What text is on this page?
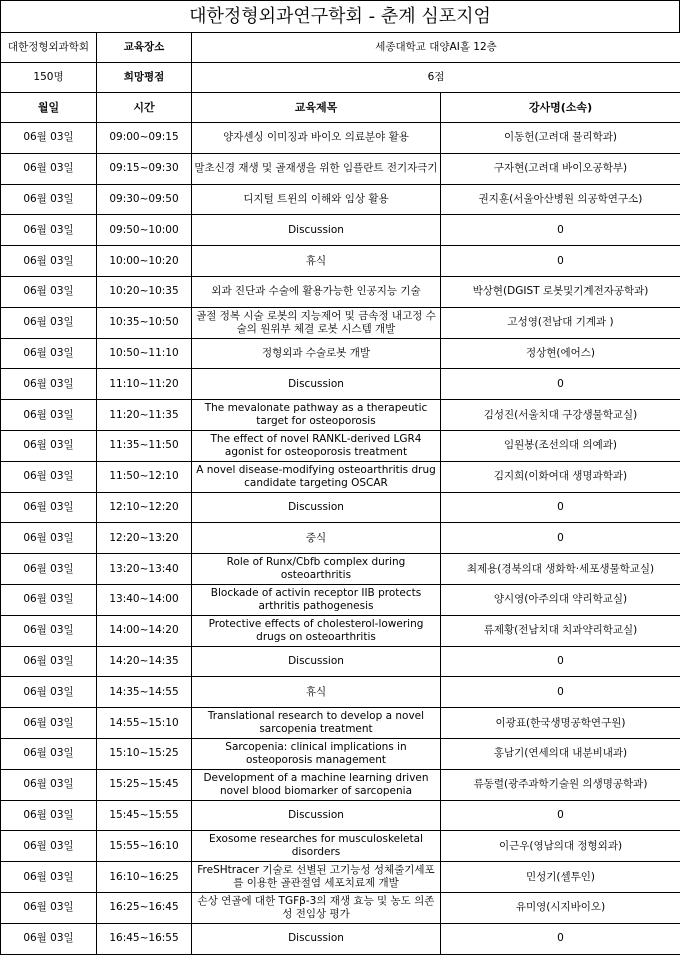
대한정형외과연구학회 - 춘계 심포지엄
대한정형외과학회	교육장소	세종대학교 대양AI홀 12층	
150명	희망평점	6점	
월일	시간	교육제목	강사명(소속)
06월 03일	09:00~09:15	양자센싱 이미징과 바이오 의료분야 활용	이동헌(고려대 물리학과)
06월 03일	09:15~09:30	말초신경 재생 및 골재생을 위한 임플란트 전기자극기	구자현(고려대 바이오공학부)
06월 03일	09:30~09:50	디지털 트윈의 이해와 임상 활용	권지훈(서울아산병원 의공학연구소)
06월 03일	09:50~10:00	Discussion	0
06월 03일	10:00~10:20	휴식	0
06월 03일	10:20~10:35	외과 진단과 수술에 활용가능한 인공지능 기술	박상현(DGIST 로봇및기계전자공학과)
06월 03일	10:35~10:50	골절 정복 시술 로봇의 지능제어 및 금속정 내고정 수술의 원위부 체결 로봇 시스템 개발	고성영(전남대 기계과 )
06월 03일	10:50~11:10	정형외과 수술로봇 개발	정상현(에어스)
06월 03일	11:10~11:20	Discussion	0
06월 03일	11:20~11:35	The mevalonate pathway as a therapeutic target for osteoporosis	김성진(서울치대 구강생물학교실)
06월 03일	11:35~11:50	The effect of novel RANKL-derived LGR4 agonist for osteoporosis treatment	임원봉(조선의대 의예과)
06월 03일	11:50~12:10	A novel disease-modifying osteoarthritis drug candidate targeting OSCAR	김지희(이화여대 생명과학과)
06월 03일	12:10~12:20	Discussion	0
06월 03일	12:20~13:20	중식	0
06월 03일	13:20~13:40	Role of Runx/Cbfb complex during osteoarthritis	최제용(경북의대 생화학·세포생물학교실)
06월 03일	13:40~14:00	Blockade of activin receptor IIB protects arthritis pathogenesis	양시영(아주의대 약리학교실)
06월 03일	14:00~14:20	Protective effects of cholesterol-lowering drugs on osteoarthritis	류제황(전남치대 치과약리학교실)
06월 03일	14:20~14:35	Discussion	0
06월 03일	14:35~14:55	휴식	0
06월 03일	14:55~15:10	Translational research to develop a novel sarcopenia treatment	이광표(한국생명공학연구원)
06월 03일	15:10~15:25	Sarcopenia: clinical implications in osteoporosis management	홍남기(연세의대 내분비내과)
06월 03일	15:25~15:45	Development of a machine learning driven novel blood biomarker of sarcopenia	류동렬(광주과학기술원 의생명공학과)
06월 03일	15:45~15:55	Discussion	0
06월 03일	15:55~16:10	Exosome researches for musculoskeletal disorders	이근우(영남의대 정형외과)
06월 03일	16:10~16:25	FreSHtracer 기술로 선별된 고기능성 성체줄기세포를 이용한 골관절염 세포치료제 개발	민성기(셀투인)
06월 03일	16:25~16:45	손상 연골에 대한 TGFβ-3의 재생 효능 및 농도 의존성 전임상 평가	유미영(시지바이오)
06월 03일	16:45~16:55	Discussion	0
